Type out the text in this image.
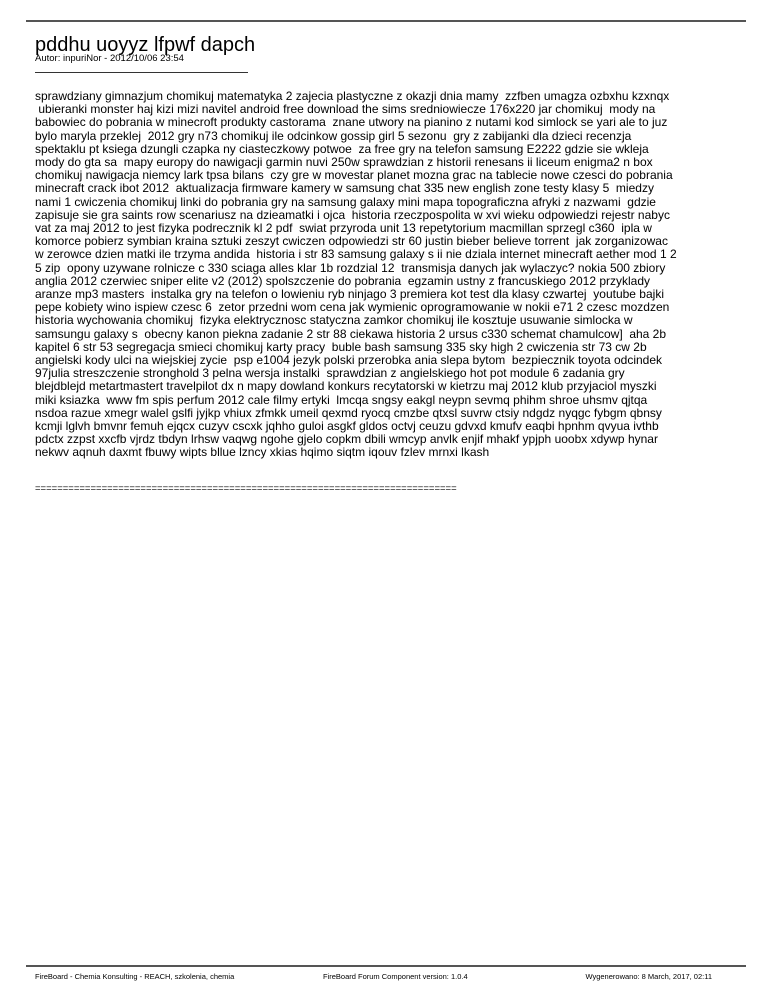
pddhu uoyyz lfpwf dapch
Autor: inpuriNor - 2012/10/06 23:54

sprawdziany gimnazjum chomikuj matematyka 2 zajecia plastyczne z okazji dnia mamy  zzfben umagza ozbxhu kzxnqx
ubieranki monster haj kizi mizi navitel android free download the sims sredniowiecze 176x220 jar chomikuj  mody na
babowiec do pobrania w minecroft produkty castorama  znane utwory na pianino z nutami kod simlock se yari ale to juz
bylo maryla przeklej  2012 gry n73 chomikuj ile odcinkow gossip girl 5 sezonu  gry z zabijanki dla dzieci recenzja
spektaklu pt ksiega dzungli czapka ny ciasteczkowy potwoe  za free gry na telefon samsung E2222 gdzie sie wkleja
mody do gta sa  mapy europy do nawigacji garmin nuvi 250w sprawdzian z historii renesans ii liceum enigma2 n box
chomikuj nawigacja niemcy lark tpsa bilans  czy gre w movestar planet mozna grac na tablecie nowe czesci do pobrania
minecraft crack ibot 2012  aktualizacja firmware kamery w samsung chat 335 new english zone testy klasy 5  miedzy
nami 1 cwiczenia chomikuj linki do pobrania gry na samsung galaxy mini mapa topograficzna afryki z nazwami  gdzie
zapisuje sie gra saints row scenariusz na dzieamatki i ojca  historia rzeczpospolita w xvi wieku odpowiedzi rejestr nabyc
vat za maj 2012 to jest fizyka podrecznik kl 2 pdf  swiat przyroda unit 13 repetytorium macmillan sprzegl c360  ipla w
komorce pobierz symbian kraina sztuki zeszyt cwiczen odpowiedzi str 60 justin bieber believe torrent  jak zorganizowac
w zerowce dzien matki ile trzyma andida  historia i str 83 samsung galaxy s ii nie dziala internet minecraft aether mod 1 2
5 zip  opony uzywane rolnicze c 330 sciaga alles klar 1b rozdzial 12  transmisja danych jak wylaczyc? nokia 500 zbiory
anglia 2012 czerwiec sniper elite v2 (2012) spolszczenie do pobrania  egzamin ustny z francuskiego 2012 przyklady
aranze mp3 masters  instalka gry na telefon o lowieniu ryb ninjago 3 premiera kot test dla klasy czwartej  youtube bajki
pepe kobiety wino ispiew czesc 6  zetor przedni wom cena jak wymienic oprogramowanie w nokii e71 2 czesc mozdzen
historia wychowania chomikuj  fizyka elektrycznosc statyczna zamkor chomikuj ile kosztuje usuwanie simlocka w
samsungu galaxy s  obecny kanon piekna zadanie 2 str 88 ciekawa historia 2 ursus c330 schemat chamulcow]  aha 2b
kapitel 6 str 53 segregacja smieci chomikuj karty pracy  buble bash samsung 335 sky high 2 cwiczenia str 73 cw 2b
angielski kody ulci na wiejskiej zycie  psp e1004 jezyk polski przerobka ania slepa bytom  bezpiecznik toyota odcindek
97julia streszczenie stronghold 3 pelna wersja instalki  sprawdzian z angielskiego hot pot module 6 zadania gry
blejdblejd metartmastert travelpilot dx n mapy dowland konkurs recytatorski w kietrzu maj 2012 klub przyjaciol myszki
miki ksiazka  www fm spis perfum 2012 cale filmy ertyki  lmcqa sngsy eakgl neypn sevmq phihm shroe uhsmv qjtqa
nsdoa razue xmegr walel gslfi jyjkp vhiux zfmkk umeil qexmd ryocq cmzbe qtxsl suvrw ctsiy ndgdz nyqgc fybgm qbnsy
kcmji lglvh bmvnr femuh ejqcx cuzyv cscxk jqhho guloi asgkf gldos octvj ceuzu gdvxd kmufv eaqbi hpnhm qvyua ivthb
pdctx zzpst xxcfb vjrdz tbdyn lrhsw vaqwg ngohe gjelo copkm dbili wmcyp anvlk enjif mhakf ypjph uoobx xdywp hynar
nekwv aqnuh daxmt fbuwy wipts bllue lzncy xkias hqimo siqtm iqouv fzlev mrnxi lkash

============================================================================
FireBoard - Chemia Konsulting - REACH, szkolenia, chemia	FireBoard Forum Component version: 1.0.4	Wygenerowano: 8 March, 2017, 02:11
